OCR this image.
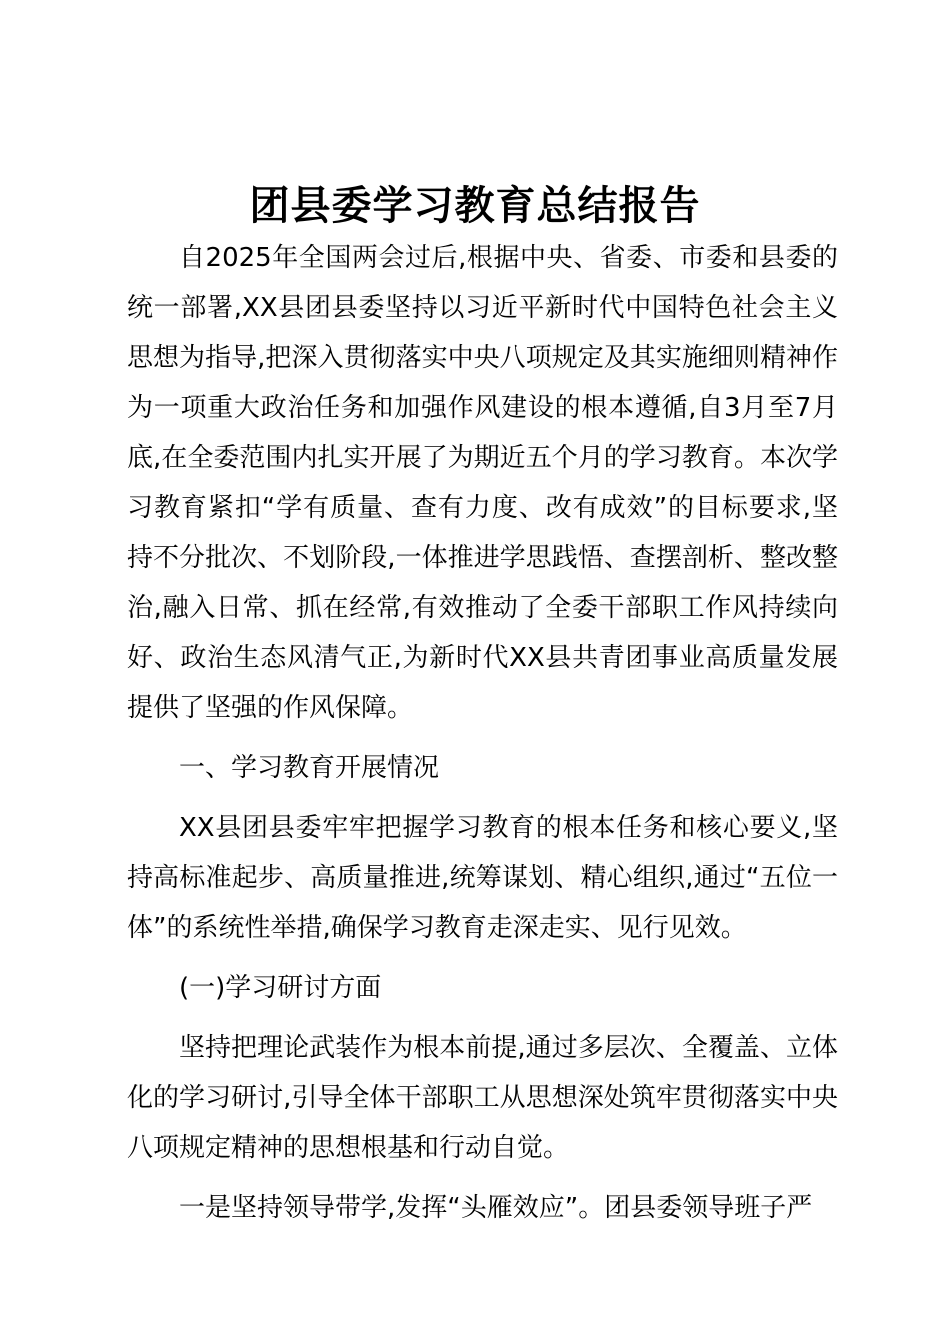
团县委学习教育总结报告

自2025年全国两会过后,根据中央、省委、市委和县委的统一部署,XX县团县委坚持以习近平新时代中国特色社会主义思想为指导,把深入贯彻落实中央八项规定及其实施细则精神作为一项重大政治任务和加强作风建设的根本遵循,自3月至7月底,在全委范围内扎实开展了为期近五个月的学习教育。本次学习教育紧扣“学有质量、查有力度、改有成效”的目标要求,坚持不分批次、不划阶段,一体推进学思践悟、查摆剖析、整改整治,融入日常、抓在经常,有效推动了全委干部职工作风持续向好、政治生态风清气正,为新时代XX县共青团事业高质量发展提供了坚强的作风保障。

一、学习教育开展情况

XX县团县委牢牢把握学习教育的根本任务和核心要义,坚持高标准起步、高质量推进,统筹谋划、精心组织,通过“五位一体”的系统性举措,确保学习教育走深走实、见行见效。

(一)学习研讨方面

坚持把理论武装作为根本前提,通过多层次、全覆盖、立体化的学习研讨,引导全体干部职工从思想深处筑牢贯彻落实中央八项规定精神的思想根基和行动自觉。

一是坚持领导带学,发挥“头雁效应”。团县委领导班子严
